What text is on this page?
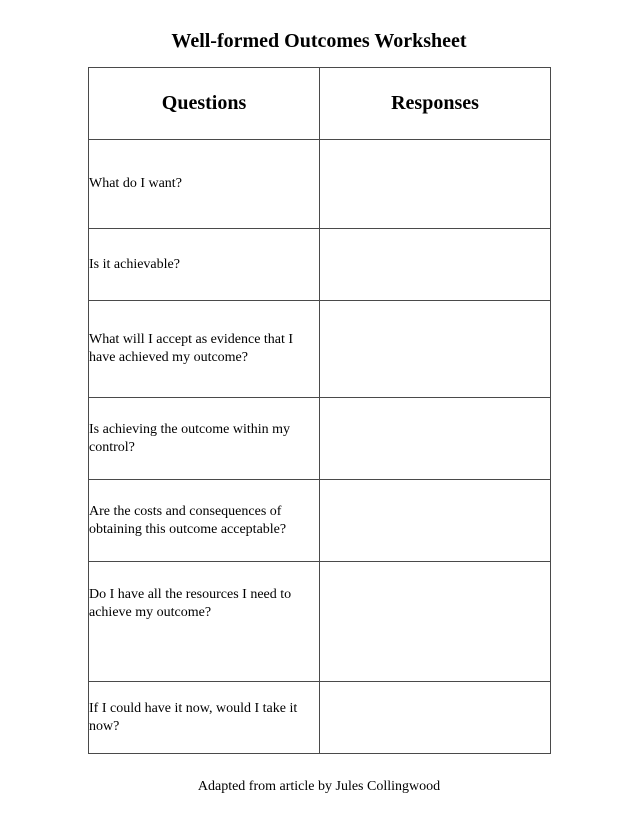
Well-formed Outcomes Worksheet
Questions	Responses
What do I want?	
Is it achievable?	
What will I accept as evidence that I have achieved my outcome?	
Is achieving the outcome within my control?	
Are the costs and consequences of obtaining this outcome acceptable?	
Do I have all the resources I need to achieve my outcome?	
If I could have it now, would I take it now?	
Adapted from article by Jules Collingwood
